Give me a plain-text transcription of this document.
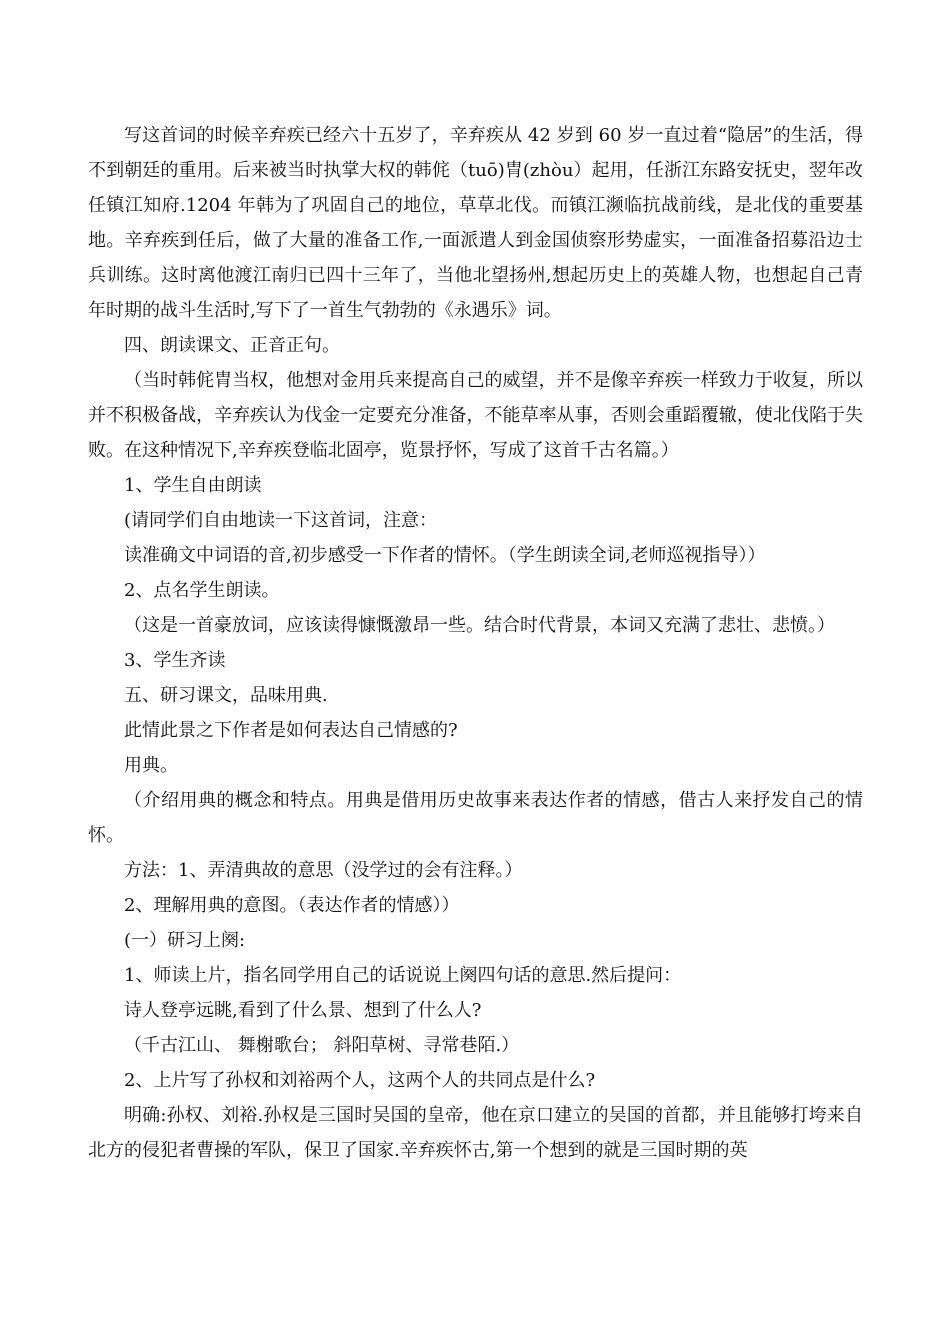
写这首词的时候辛弃疾已经六十五岁了，辛弃疾从 42 岁到 60 岁一直过着“隐居”的生活，得不到朝廷的重用。后来被当时执掌大权的韩侂（tuō)胄(zhòu）起用，任浙江东路安抚史，翌年改任镇江知府.1204 年韩为了巩固自己的地位，草草北伐。而镇江濒临抗战前线，是北伐的重要基地。辛弃疾到任后，做了大量的准备工作,一面派遣人到金国侦察形势虚实，一面准备招募沿边士兵训练。这时离他渡江南归已四十三年了，当他北望扬州,想起历史上的英雄人物，也想起自己青年时期的战斗生活时,写下了一首生气勃勃的《永遇乐》词。

四、朗读课文、正音正句。

（当时韩侂胄当权，他想对金用兵来提高自己的威望，并不是像辛弃疾一样致力于收复，所以并不积极备战，辛弃疾认为伐金一定要充分准备，不能草率从事，否则会重蹈覆辙，使北伐陷于失败。在这种情况下,辛弃疾登临北固亭，览景抒怀，写成了这首千古名篇。）

1、学生自由朗读

(请同学们自由地读一下这首词，注意：

读准确文中词语的音,初步感受一下作者的情怀。（学生朗读全词,老师巡视指导））

2、点名学生朗读。

（这是一首豪放词，应该读得慷慨激昂一些。结合时代背景，本词又充满了悲壮、悲愤。）

3、学生齐读

五、研习课文，品味用典.

此情此景之下作者是如何表达自己情感的?

用典。

（介绍用典的概念和特点。用典是借用历史故事来表达作者的情感，借古人来抒发自己的情怀。

方法：1、弄清典故的意思（没学过的会有注释。）

2、理解用典的意图。（表达作者的情感））

(一）研习上阕:

1、师读上片，指名同学用自己的话说说上阕四句话的意思.然后提问：

诗人登亭远眺,看到了什么景、想到了什么人?

（千古江山、 舞榭歌台； 斜阳草树、寻常巷陌.）

2、上片写了孙权和刘裕两个人，这两个人的共同点是什么?

明确:孙权、刘裕.孙权是三国时吴国的皇帝，他在京口建立的吴国的首都，并且能够打垮来自北方的侵犯者曹操的军队，保卫了国家.辛弃疾怀古,第一个想到的就是三国时期的英
